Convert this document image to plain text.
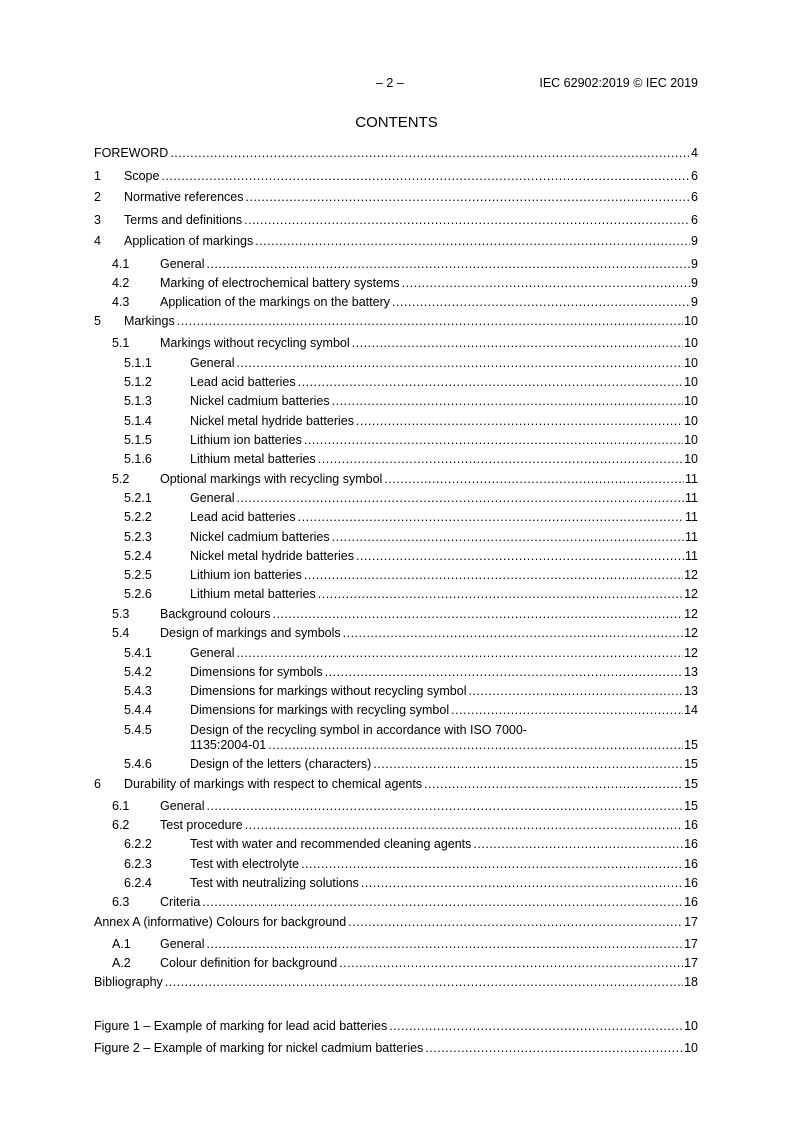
– 2 –	IEC 62902:2019 © IEC 2019
CONTENTS
FOREWORD .....	4
1 Scope .....	6
2 Normative references .....	6
3 Terms and definitions .....	6
4 Application of markings .....	9
4.1 General .....	9
4.2 Marking of electrochemical battery systems .....	9
4.3 Application of the markings on the battery .....	9
5 Markings .....	10
5.1 Markings without recycling symbol .....	10
5.1.1	General .....	10
5.1.2	Lead acid batteries .....	10
5.1.3	Nickel cadmium batteries .....	10
5.1.4	Nickel metal hydride batteries .....	10
5.1.5	Lithium ion batteries .....	10
5.1.6	Lithium metal batteries .....	10
5.2 Optional markings with recycling symbol .....	11
5.2.1	General .....	11
5.2.2	Lead acid batteries .....	11
5.2.3	Nickel cadmium batteries .....	11
5.2.4	Nickel metal hydride batteries .....	11
5.2.5	Lithium ion batteries .....	12
5.2.6	Lithium metal batteries .....	12
5.3 Background colours .....	12
5.4 Design of markings and symbols .....	12
5.4.1	General .....	12
5.4.2	Dimensions for symbols .....	13
5.4.3	Dimensions for markings without recycling symbol .....	13
5.4.4	Dimensions for markings with recycling symbol .....	14
5.4.5	Design of the recycling symbol in accordance with ISO 7000-
1135:2004-01 .....	15
5.4.6	Design of the letters (characters) .....	15
6 Durability of markings with respect to chemical agents .....	15
6.1 General .....	15
6.2 Test procedure .....	16
6.2.2	Test with water and recommended cleaning agents .....	16
6.2.3	Test with electrolyte .....	16
6.2.4	Test with neutralizing solutions .....	16
6.3 Criteria .....	16
Annex A (informative) Colours for background .....	17
A.1 General .....	17
A.2 Colour definition for background .....	17
Bibliography .....	18
Figure 1 – Example of marking for lead acid batteries .....	10
Figure 2 – Example of marking for nickel cadmium batteries .....	10
